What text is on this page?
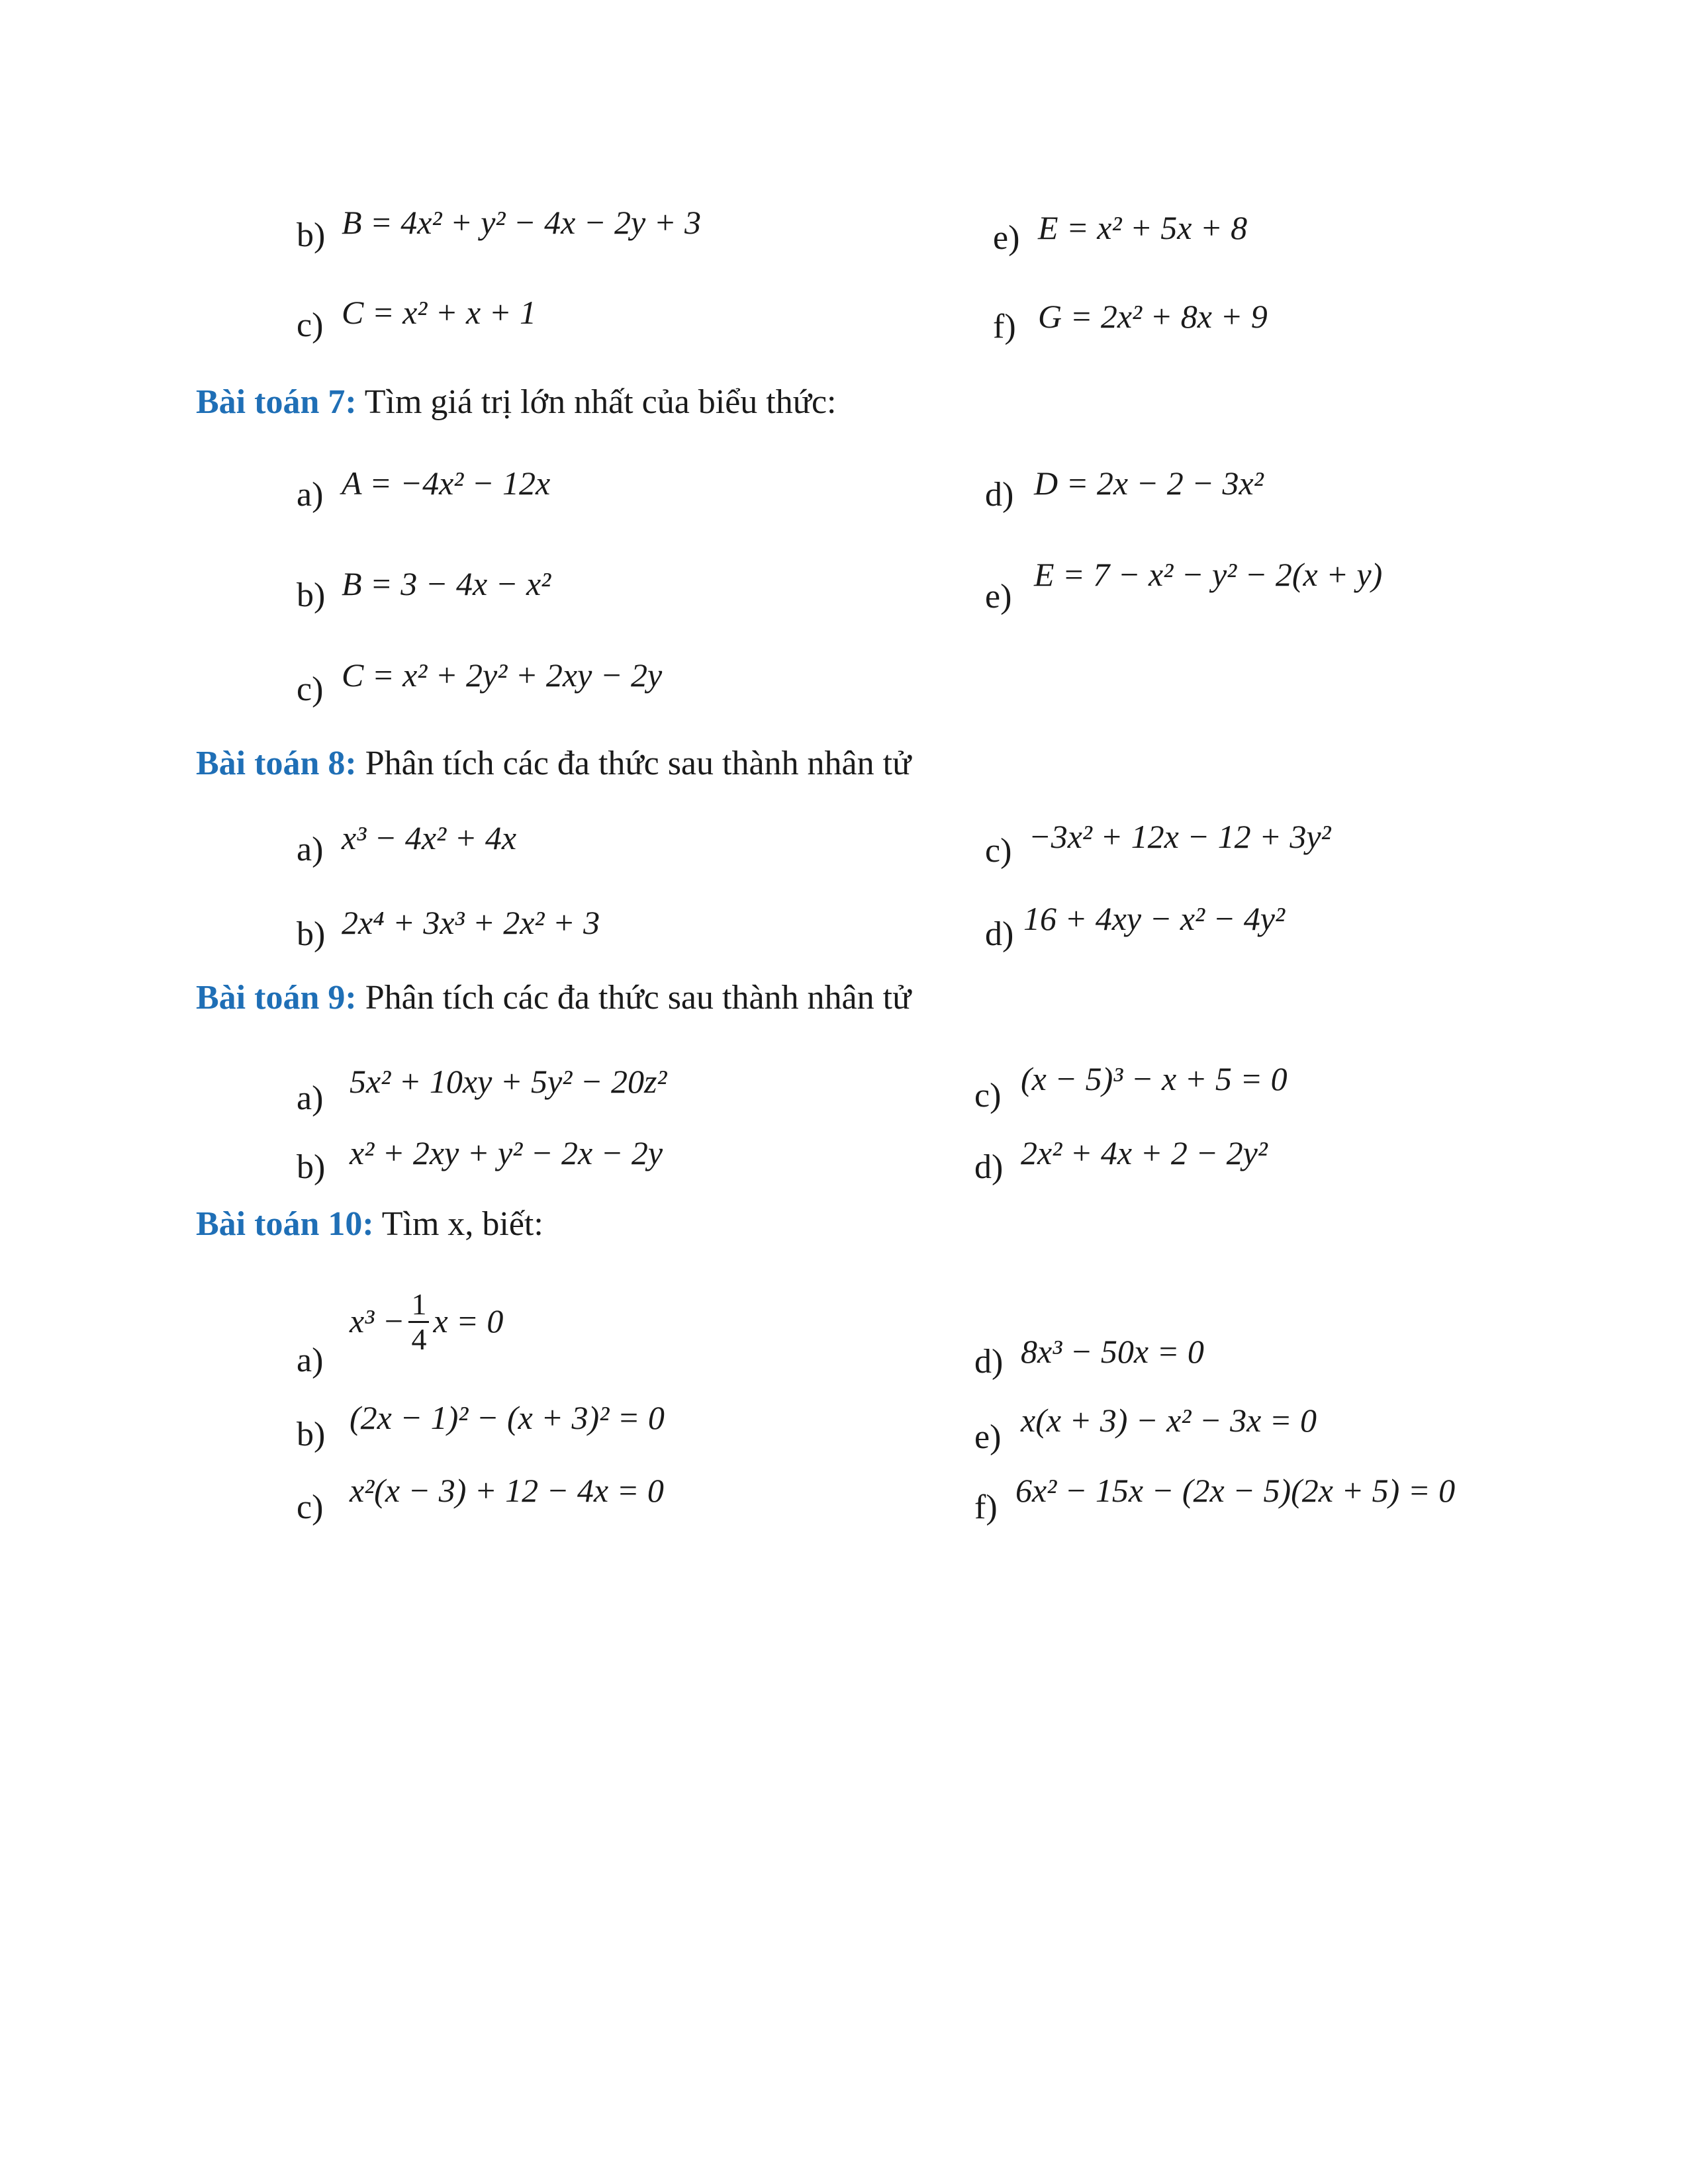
b) B = 4x² + y² − 4x − 2y + 3
c) C = x² + x + 1
e) E = x² + 5x + 8
f) G = 2x² + 8x + 9
Bài toán 7: Tìm giá trị lớn nhất của biểu thức:
a) A = −4x² − 12x
b) B = 3 − 4x − x²
c) C = x² + 2y² + 2xy − 2y
d) D = 2x − 2 − 3x²
e)
E = 7 − x² − y² − 2(x + y)
Bài toán 8: Phân tích các đa thức sau thành nhân tử
a) x³ − 4x² + 4x
b) 2x⁴ + 3x³ + 2x² + 3
c) −3x² + 12x − 12 + 3y²
d) 16 + 4xy − x² − 4y²
Bài toán 9: Phân tích các đa thức sau thành nhân tử
a) 5x² + 10xy + 5y² − 20z²
b) x² + 2xy + y² − 2x − 2y
c) (x − 5)³ − x + 5 = 0
d) 2x² + 4x + 2 − 2y²
Bài toán 10: Tìm x, biết:
a)
$x^3 - \frac{1}{4}$ x = 0
b) (2x − 1)² − (x + 3)² = 0
c) x²(x − 3) + 12 − 4x = 0
d) 8x³ − 50x = 0
e) x(x + 3) − x² − 3x = 0
f) 6x² − 15x − (2x − 5)(2x + 5) = 0
